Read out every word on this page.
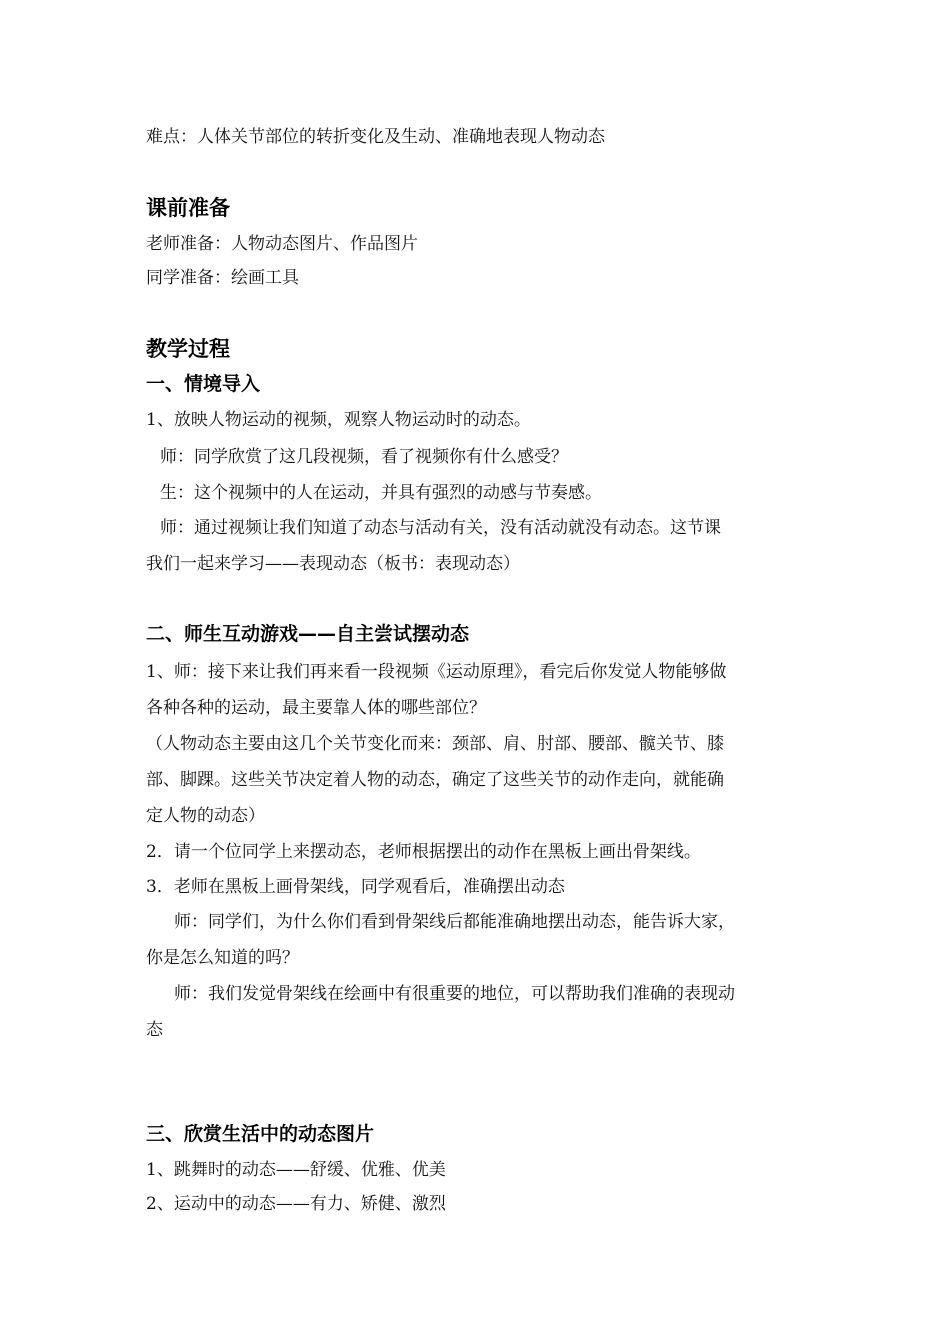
难点：人体关节部位的转折变化及生动、准确地表现人物动态
课前准备
老师准备：人物动态图片、作品图片
同学准备：绘画工具
教学过程
一、情境导入
1、放映人物运动的视频，观察人物运动时的动态。
师：同学欣赏了这几段视频，看了视频你有什么感受？
生：这个视频中的人在运动，并具有强烈的动感与节奏感。
师：通过视频让我们知道了动态与活动有关，没有活动就没有动态。这节课
我们一起来学习——表现动态（板书：表现动态）
二、师生互动游戏——自主尝试摆动态
1、师：接下来让我们再来看一段视频《运动原理》，看完后你发觉人物能够做
各种各种的运动，最主要靠人体的哪些部位？
（人物动态主要由这几个关节变化而来：颈部、肩、肘部、腰部、髋关节、膝
部、脚踝。这些关节决定着人物的动态，确定了这些关节的动作走向，就能确
定人物的动态）
2．请一个位同学上来摆动态，老师根据摆出的动作在黑板上画出骨架线。
3．老师在黑板上画骨架线，同学观看后，准确摆出动态
师：同学们，为什么你们看到骨架线后都能准确地摆出动态，能告诉大家，
你是怎么知道的吗？
师：我们发觉骨架线在绘画中有很重要的地位，可以帮助我们准确的表现动
态
三、欣赏生活中的动态图片
1、跳舞时的动态——舒缓、优雅、优美
2、运动中的动态——有力、矫健、激烈
